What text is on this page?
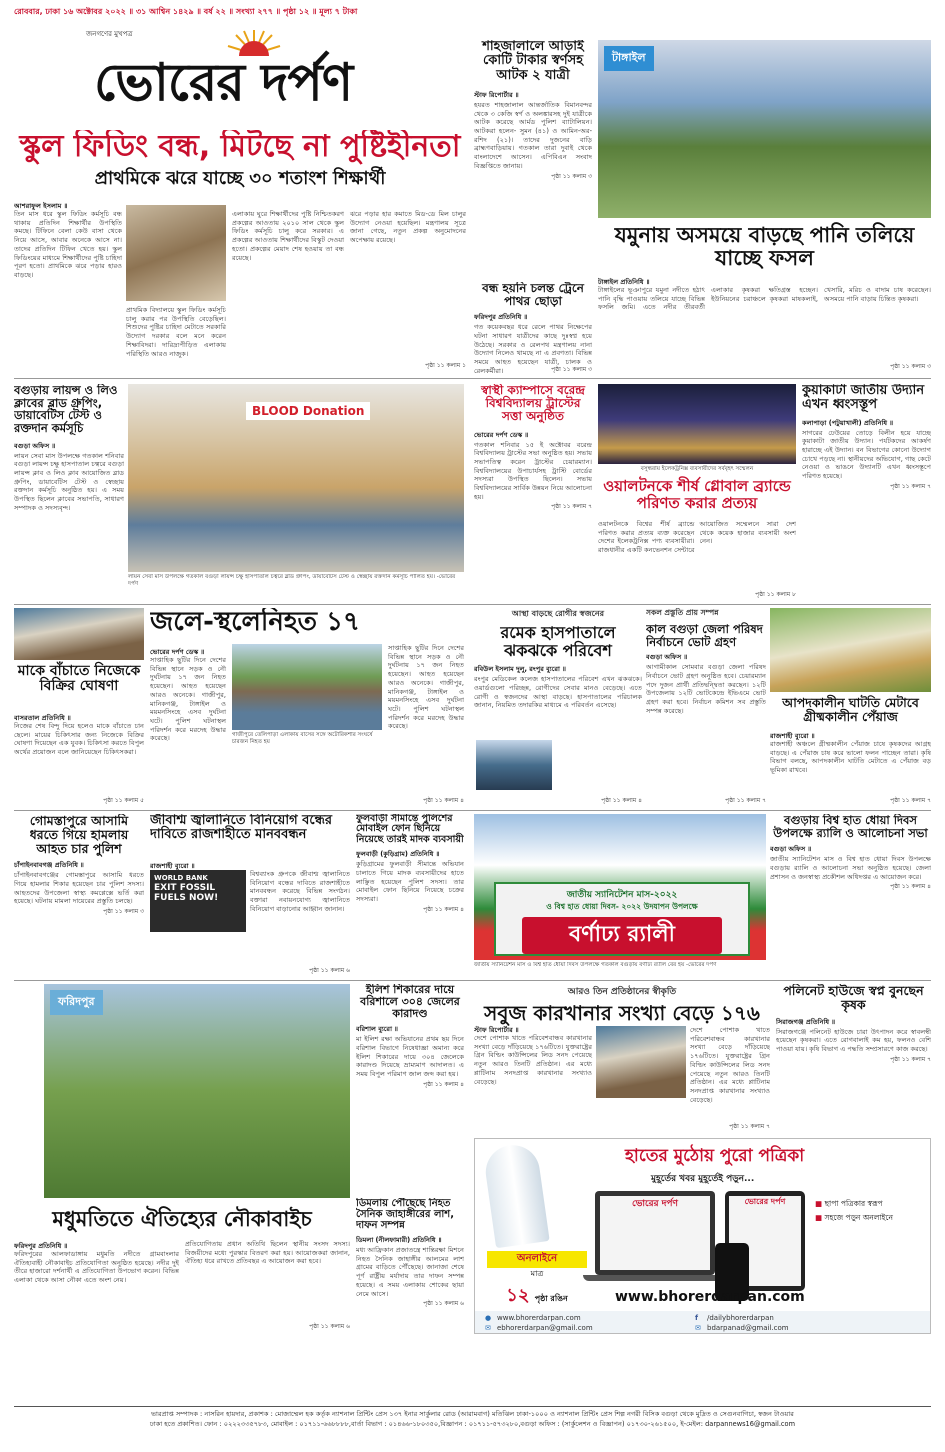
রোববার, ঢাকা ১৬ অক্টোবর ২০২২ ॥ ৩১ আশ্বিন ১৪২৯ ॥ বর্ষ ২২ ॥ সংখ্যা ২৭৭ ॥ পৃষ্ঠা ১২ ॥ মূল্য ৭ টাকা
জনগণের মুখপত্র
ভোরের দর্পণ
স্কুল ফিডিং বন্ধ, মিটছে না পুষ্টিহীনতা
প্রাথমিকে ঝরে যাচ্ছে ৩০ শতাংশ শিক্ষার্থী
আশরাফুল ইসলাম ॥
তিন মাস ধরে স্কুল ফিডিং কর্মসূচি বন্ধ থাকায় প্রতিদিন শিক্ষার্থীর উপস্থিতি কমছে। টিফিনে বেলা কেউ বাসা থেকে নিয়ে আসে, আবার অনেকে আসে না। তাদের প্রতিদিন টিফিন খেতে হয়। স্কুল ফিডিংয়ের মাধ্যমে শিক্ষার্থীদের পুষ্টি চাহিদা পূরণ হতো। প্রাথমিকে ঝরে পড়ার হারও বাড়ছে।
প্রাথমিক বিদ্যালয়ে স্কুল ফিডিং কর্মসূচি চালু করার পর উপস্থিতি বেড়েছিল। শিশুদের পুষ্টির চাহিদা মেটাতে সরকারি উদ্যোগ দরকার বলে মনে করেন শিক্ষাবিদরা। দারিদ্র্যপীড়িত এলাকায় পরিস্থিতি আরও নাজুক।
এলাকায় ঘুরে শিক্ষার্থীদের পুষ্টি নিশ্চিতকরণ প্রকল্পের আওতায় ২০১০ সাল থেকে স্কুল ফিডিং কর্মসূচি চালু করে সরকার। এ প্রকল্পের আওতায় শিক্ষার্থীদের বিস্কুট দেওয়া হতো। প্রকল্পের মেয়াদ শেষ হওয়ায় তা বন্ধ রয়েছে।
ঝরে পড়ার হার কমাতে মিড-ডে মিল চালুর উদ্যোগ নেওয়া হয়েছিল। মন্ত্রণালয় সূত্রে জানা গেছে, নতুন প্রকল্প অনুমোদনের অপেক্ষায় রয়েছে।
পৃষ্ঠা ১১ কলাম ১
শাহজালালে আড়াই কোটি টাকার স্বর্ণসহ আটক ২ যাত্রী
স্টাফ রিপোর্টার ॥
হযরত শাহজালাল আন্তর্জাতিক বিমানবন্দর থেকে ৩ কেজি স্বর্ণ ও অলঙ্কারসহ দুই যাত্রীকে আটক করেছে আর্মড পুলিশ ব্যাটালিয়ন। আটকরা হলেন- সুমন (৪১) ও আমিন-অর-রশিদ (২১)। তাদের দুজনের বাড়ি ব্রাহ্মণবাড়িয়ায়। গতকাল তারা দুবাই থেকে বাংলাদেশে আসেন। এপিবিএন সংবাদ বিজ্ঞপ্তিতে জানায়।
পৃষ্ঠা ১১ কলাম ৩
টাঙ্গাইল
যমুনায় অসময়ে বাড়ছে পানি তলিয়ে যাচ্ছে ফসল
টাঙ্গাইল প্রতিনিধি ॥
টাঙ্গাইলের ভূঞাপুরে যমুনা নদীতে হঠাৎ পানি বৃদ্ধি পাওয়ায় তলিয়ে যাচ্ছে বিভিন্ন ফসলি জমি। এতে নদীর তীরবর্তী এলাকার কৃষকরা ক্ষতিগ্রস্ত হচ্ছেন। ইউনিয়নের চরাঞ্চলে কৃষকরা মাষকলাই, খেসারি, মরিচ ও বাদাম চাষ করেছেন। অসময়ে পানি বাড়ায় চিন্তিত কৃষকরা।
পৃষ্ঠা ১১ কলাম ৩
বন্ধ হয়নি চলন্ত ট্রেনে পাথর ছোড়া
ফরিদপুর প্রতিনিধি ॥
গত কয়েকবছর ধরে রেলে পাথর নিক্ষেপের ঘটনা সাধারণ যাত্রীদের কাছে দুঃস্বপ্ন হয়ে উঠেছে। সরকার ও রেলপথ মন্ত্রণালয় নানা উদ্যোগ নিলেও থামছে না এ প্রবণতা। বিভিন্ন সময়ে আহত হয়েছেন যাত্রী, চালক ও রেলকর্মীরা।	পৃষ্ঠা ১১ কলাম ৩
বগুড়ায় লায়ন্স ও লিও ক্লাবের ব্লাড গ্রুপিং, ডায়াবেটিস টেস্ট ও রক্তদান কর্মসূচি
বগুড়া অফিস ॥
লায়ন সেবা মাস উপলক্ষে গতকাল শনিবার বগুড়া লায়ন্স চক্ষু হাসপাতাল চত্বরে বগুড়া লায়ন্স ক্লাব ও লিও ক্লাব আয়োজিত ব্লাড গ্রুপিং, ডায়াবেটিস টেস্ট ও স্বেচ্ছায় রক্তদান কর্মসূচি অনুষ্ঠিত হয়। এ সময় উপস্থিত ছিলেন ক্লাবের সভাপতি, সাধারণ সম্পাদক ও সদস্যবৃন্দ।
BLOOD Donation
লায়ন সেবা মাস উপলক্ষে গতকাল বগুড়া লায়ন্স চক্ষু হাসপাতাল চত্বরে ব্লাড গ্রুপিং, ডায়াবেটিস টেস্ট ও স্বেচ্ছায় রক্তদান কর্মসূচি পালিত হয়। -ভোরের দর্পণ
স্বাস্থী ক্যাম্পাসে বরেন্দ্র বিশ্ববিদ্যালয় ট্রাস্টের সত্তা অনুষ্ঠিত
ভোরের দর্পণ ডেস্ক ॥
গতকাল শনিবার ১৫ ই অক্টোবর বরেন্দ্র বিশ্ববিদ্যালয় ট্রাস্টের সভা অনুষ্ঠিত হয়। সভায় সভাপতিত্ব করেন ট্রাস্টের চেয়ারম্যান। বিশ্ববিদ্যালয়ের উপাচার্যসহ ট্রাস্টি বোর্ডের সদস্যরা উপস্থিত ছিলেন। সভায় বিশ্ববিদ্যালয়ের সার্বিক উন্নয়ন নিয়ে আলোচনা হয়।
পৃষ্ঠা ১১ কলাম ৭
বসুন্ধরায় ইলেকট্রনিক্স ব্যবসায়ীদের সর্ববৃহৎ সম্মেলন
ওয়ালটনকে শীর্ষ গ্লোবাল ব্র্যান্ডে পরিণত করার প্রত্যয়
ওয়ালটনকে বিশ্বের শীর্ষ ব্র্যান্ডে পরিণত করার প্রত্যয় ব্যক্ত করেছেন দেশের ইলেকট্রনিক্স পণ্য ব্যবসায়ীরা। রাজধানীর একটি কনভেনশন সেন্টারে আয়োজিত সম্মেলনে সারা দেশ থেকে কয়েক হাজার ব্যবসায়ী অংশ নেন।
পৃষ্ঠা ১১ কলাম ৮
কুয়াকাটা জাতীয় উদ্যান এখন ধ্বংসস্তূপ
কলাপাড়া (পটুয়াখালী) প্রতিনিধি ॥
সাগরের ঢেউয়ের তোড়ে বিলীন হয়ে যাচ্ছে কুয়াকাটা জাতীয় উদ্যান। পর্যটকদের আকর্ষণ হারাচ্ছে এই উদ্যান। বন বিভাগের কোনো উদ্যোগ চোখে পড়ছে না। স্থানীয়দের অভিযোগ, গাছ কেটে নেওয়া ও ভাঙনে উদ্যানটি এখন ধ্বংসস্তূপে পরিণত হয়েছে।
পৃষ্ঠা ১১ কলাম ৭
মাকে বাঁচাতে নিজেকে বিক্রির ঘোষণা
বাসরতাল প্রতিনিধি ॥
নিজের শেষ বিন্দু দিয়ে হলেও মাকে বাঁচাতে চান ছেলে। মায়ের চিকিৎসার জন্য নিজেকে বিক্রির ঘোষণা দিয়েছেন এক যুবক। চিকিৎসা করতে বিপুল অর্থের প্রয়োজন বলে জানিয়েছেন চিকিৎসকরা।
পৃষ্ঠা ১১ কলাম ৫
জলে-স্থলেনিহত ১৭
ভোরের দর্পণ ডেস্ক ॥
সাপ্তাহিক ছুটির দিনে দেশের বিভিন্ন স্থানে সড়ক ও নৌ দুর্ঘটনায় ১৭ জন নিহত হয়েছেন। আহত হয়েছেন আরও অনেকে। গাজীপুর, মানিকগঞ্জ, টাঙ্গাইল ও ময়মনসিংহে এসব দুর্ঘটনা ঘটে। পুলিশ ঘটনাস্থল পরিদর্শন করে মরদেহ উদ্ধার করেছে।	গাজীপুরে তেলিপাড়া এলাকায় বাসের সঙ্গে অটোরিকশার সংঘর্ষে চারজন নিহত হয়
সাপ্তাহিক ছুটির দিনে দেশের বিভিন্ন স্থানে সড়ক ও নৌ দুর্ঘটনায় ১৭ জন নিহত হয়েছেন। আহত হয়েছেন আরও অনেকে। গাজীপুর, মানিকগঞ্জ, টাঙ্গাইল ও ময়মনসিংহে এসব দুর্ঘটনা ঘটে। পুলিশ ঘটনাস্থল পরিদর্শন করে মরদেহ উদ্ধার করেছে।
পৃষ্ঠা ১১ কলাম ৪
আস্থা বাড়ছে রোগীর স্বজনের
রমেক হাসপাতালে ঝকঝকে পরিবেশ
রবিউল ইসলাম দুলু, রংপুর ব্যুরো ॥
রংপুর মেডিকেল কলেজ হাসপাতালের পরিবেশ এখন ঝকঝকে। ওয়ার্ডগুলো পরিচ্ছন্ন, রোগীদের সেবার মানও বেড়েছে। এতে রোগী ও স্বজনদের আস্থা বাড়ছে। হাসপাতালের পরিচালক জানান, নিয়মিত তদারকির মাধ্যমে এ পরিবর্তন এসেছে।
পৃষ্ঠা ১১ কলাম ৪
সকল প্রস্তুতি প্রায় সম্পন্ন
কাল বগুড়া জেলা পরিষদ নির্বাচনে ভোট গ্রহণ
বগুড়া অফিস ॥
আগামীকাল সোমবার বগুড়া জেলা পরিষদ নির্বাচনে ভোট গ্রহণ অনুষ্ঠিত হবে। চেয়ারম্যান পদে দুজন প্রার্থী প্রতিদ্বন্দ্বিতা করছেন। ১২টি উপজেলায় ১২টি ভোটকেন্দ্রে ইভিএমে ভোট গ্রহণ করা হবে। নির্বাচন কমিশন সব প্রস্তুতি সম্পন্ন করেছে।
পৃষ্ঠা ১১ কলাম ৭
আপদকালীন ঘাটতি মেটাবে গ্রীষ্মকালীন পেঁয়াজ
রাজশাহী ব্যুরো ॥
রাজশাহী অঞ্চলে গ্রীষ্মকালীন পেঁয়াজ চাষে কৃষকদের আগ্রহ বাড়ছে। এ পেঁয়াজ চাষ করে ভালো ফলন পাচ্ছেন তারা। কৃষি বিভাগ বলছে, আপদকালীন ঘাটতি মেটাতে এ পেঁয়াজ বড় ভূমিকা রাখবে।
পৃষ্ঠা ১১ কলাম ৭
গোমস্তাপুরে আসামি ধরতে গিয়ে হামলায় আহত চার পুলিশ
চাঁপাইনবাবগঞ্জ প্রতিনিধি ॥
চাঁপাইনবাবগঞ্জের গোমস্তাপুরে আসামি ধরতে গিয়ে হামলার শিকার হয়েছেন চার পুলিশ সদস্য। আহতদের উপজেলা স্বাস্থ্য কমপ্লেক্সে ভর্তি করা হয়েছে। ঘটনায় মামলা দায়েরের প্রস্তুতি চলছে।
পৃষ্ঠা ১১ কলাম ৩
জীবাশ্ম জ্বালানিতে বিনিয়োগ বন্ধের দাবিতে রাজশাহীতে মানববন্ধন
রাজশাহী ব্যুরো ॥
WORLD BANK
EXIT FOSSIL FUELS NOW!
বিশ্বব্যাংক গ্রুপকে জীবাশ্ম জ্বালানিতে বিনিয়োগ বন্ধের দাবিতে রাজশাহীতে মানববন্ধন করেছে বিভিন্ন সংগঠন। বক্তারা নবায়নযোগ্য জ্বালানিতে বিনিয়োগ বাড়ানোর আহ্বান জানান।
পৃষ্ঠা ১১ কলাম ৬
ফুলবাড়ী সীমান্তে পুলিশের মোবাইল ফোন ছিনিয়ে নিয়েছে তারই মাদক ব্যবসায়ী
ফুলবাড়ী (কুড়িগ্রাম) প্রতিনিধি ॥
কুড়িগ্রামের ফুলবাড়ী সীমান্তে অভিযান চালাতে গিয়ে মাদক ব্যবসায়ীদের হাতে লাঞ্ছিত হয়েছেন পুলিশ সদস্য। তার মোবাইল ফোন ছিনিয়ে নিয়েছে চক্রের সদস্যরা।
পৃষ্ঠা ১১ কলাম ৪
জাতীয় স্যানিটেশন মাস-২০২২
ও বিশ্ব হাত ধোয়া দিবস- ২০২২ উদযাপন উপলক্ষে
বর্ণাঢ্য র‌্যালী
জাতীয় স্যানিটেশন মাস ও বিশ্ব হাত ধোয়া দিবস উপলক্ষে গতকাল বগুড়ায় বর্ণাঢ্য র‌্যালি বের হয় -ভোরের দর্পণ
বগুড়ায় বিশ্ব হাত ধোয়া দিবস উপলক্ষে র‌্যালি ও আলোচনা সভা
বগুড়া অফিস ॥
জাতীয় স্যানিটেশন মাস ও বিশ্ব হাত ধোয়া দিবস উপলক্ষে বগুড়ায় র‌্যালি ও আলোচনা সভা অনুষ্ঠিত হয়েছে। জেলা প্রশাসন ও জনস্বাস্থ্য প্রকৌশল অধিদপ্তর এ আয়োজন করে।
পৃষ্ঠা ১১ কলাম ৪
ফরিদপুর
মধুমতিতে ঐতিহ্যের নৌকাবাইচ
ফরিদপুর প্রতিনিধি ॥
ফরিদপুরের আলফাডাঙ্গায় মধুমতি নদীতে গ্রামবাংলার ঐতিহ্যবাহী নৌকাবাইচ প্রতিযোগিতা অনুষ্ঠিত হয়েছে। নদীর দুই তীরে হাজারো দর্শনার্থী এ প্রতিযোগিতা উপভোগ করেন। বিভিন্ন এলাকা থেকে আসা নৌকা এতে অংশ নেয়।
প্রতিযোগিতায় প্রধান অতিথি ছিলেন স্থানীয় সংসদ সদস্য। বিজয়ীদের মধ্যে পুরস্কার বিতরণ করা হয়। আয়োজকরা জানান, ঐতিহ্য ধরে রাখতে প্রতিবছর এ আয়োজন করা হবে।
পৃষ্ঠা ১১ কলাম ৬
ইলিশ শিকারের দায়ে বরিশালে ৩০৪ জেলের কারাদণ্ড
বরিশাল ব্যুরো ॥
মা ইলিশ রক্ষা অভিযানের প্রথম ছয় দিনে বরিশাল বিভাগে নিষেধাজ্ঞা অমান্য করে ইলিশ শিকারের দায়ে ৩০৪ জেলেকে কারাদণ্ড দিয়েছে ভ্রাম্যমাণ আদালত। এ সময় বিপুল পরিমাণ জাল জব্দ করা হয়।
পৃষ্ঠা ১১ কলাম ৪
ডিমলায় পৌঁছেছে নিহত সৈনিক জাহাঙ্গীরের লাশ, দাফন সম্পন্ন
ডিমলা (নীলফামারী) প্রতিনিধি ॥
মধ্য আফ্রিকান প্রজাতন্ত্রে শান্তিরক্ষা মিশনে নিহত সৈনিক জাহাঙ্গীর আলমের লাশ গ্রামের বাড়িতে পৌঁছেছে। জানাজা শেষে পূর্ণ রাষ্ট্রীয় মর্যাদায় তার দাফন সম্পন্ন হয়েছে। এ সময় এলাকায় শোকের ছায়া নেমে আসে।
পৃষ্ঠা ১১ কলাম ৬
আরও তিন প্রতিষ্ঠানের স্বীকৃতি
সবুজ কারখানার সংখ্যা বেড়ে ১৭৬
স্টাফ রিপোর্টার ॥
দেশে পোশাক খাতে পরিবেশবান্ধব কারখানার সংখ্যা বেড়ে দাঁড়িয়েছে ১৭৬টিতে। যুক্তরাষ্ট্রের গ্রিন বিল্ডিং কাউন্সিলের লিড সনদ পেয়েছে নতুন আরও তিনটি প্রতিষ্ঠান। এর মধ্যে প্লাটিনাম সনদপ্রাপ্ত কারখানার সংখ্যাও বেড়েছে।
দেশে পোশাক খাতে পরিবেশবান্ধব কারখানার সংখ্যা বেড়ে দাঁড়িয়েছে ১৭৬টিতে। যুক্তরাষ্ট্রের গ্রিন বিল্ডিং কাউন্সিলের লিড সনদ পেয়েছে নতুন আরও তিনটি প্রতিষ্ঠান। এর মধ্যে প্লাটিনাম সনদপ্রাপ্ত কারখানার সংখ্যাও বেড়েছে।
পৃষ্ঠা ১১ কলাম ৭
পলিনেট হাউজে স্বপ্ন বুনছেন কৃষক
সিরাজগঞ্জ প্রতিনিধি ॥
সিরাজগঞ্জে পলিনেট হাউজে চারা উৎপাদন করে স্বাবলম্বী হয়েছেন কৃষকরা। এতে রোগবালাই কম হয়, ফলনও বেশি পাওয়া যায়। কৃষি বিভাগ এ পদ্ধতি সম্প্রসারণে কাজ করছে।
পৃষ্ঠা ১১ কলাম ৭
হাতের মুঠোয় পুরো পত্রিকা
মুহূর্তের খবর মুহূর্তেই পড়ুন...
অনলাইনে
মাত্র
১২ পৃষ্ঠা রঙিন
ভোরের দর্পণ	ভোরের দর্পণ	■ ছাপা পত্রিকার স্বরূপ
■ সহজে পড়ুন অনলাইনে
www.bhorerdarpan.com
● www.bhorerdarpan.com	f /dailybhorerdarpan
✉ ebhorerdarpan@gmail.com	✉ bdarpanad@gmail.com
ভারপ্রাপ্ত সম্পাদক : নাসরিন হায়দার, প্রকাশক : মোজাম্মেল হক কর্তৃক ন্যাশনাল প্রিন্টিং প্রেস ১৩৭ ইনার সার্কুলার রোড (আরামবাগ) মতিঝিল ঢাকা-১০০০ ও ন্যাশনাল প্রিন্টিং প্রেস শিল্প নগরী বিসিক বগুড়া থেকে মুদ্রিত ও সেগুনবাগিচা, স্বজন টাওয়ার
ঢাকা হতে প্রকাশিত। ফোন : ০২২২৩৩৫৭৮৩, মোবাইল : ০১৭১১-৬৬৮৮৮৮,বার্তা বিভাগ : ০১৪৬৬-১৮০৩৫০,বিজ্ঞাপন : ০১৭১১-৫৭৩২৮০,বগুড়া অফিস : (সার্কুলেশন ও বিজ্ঞাপন) ০১৭৩০-২৬১৫০০, ই-মেইল: darpannews16@gmail.com
